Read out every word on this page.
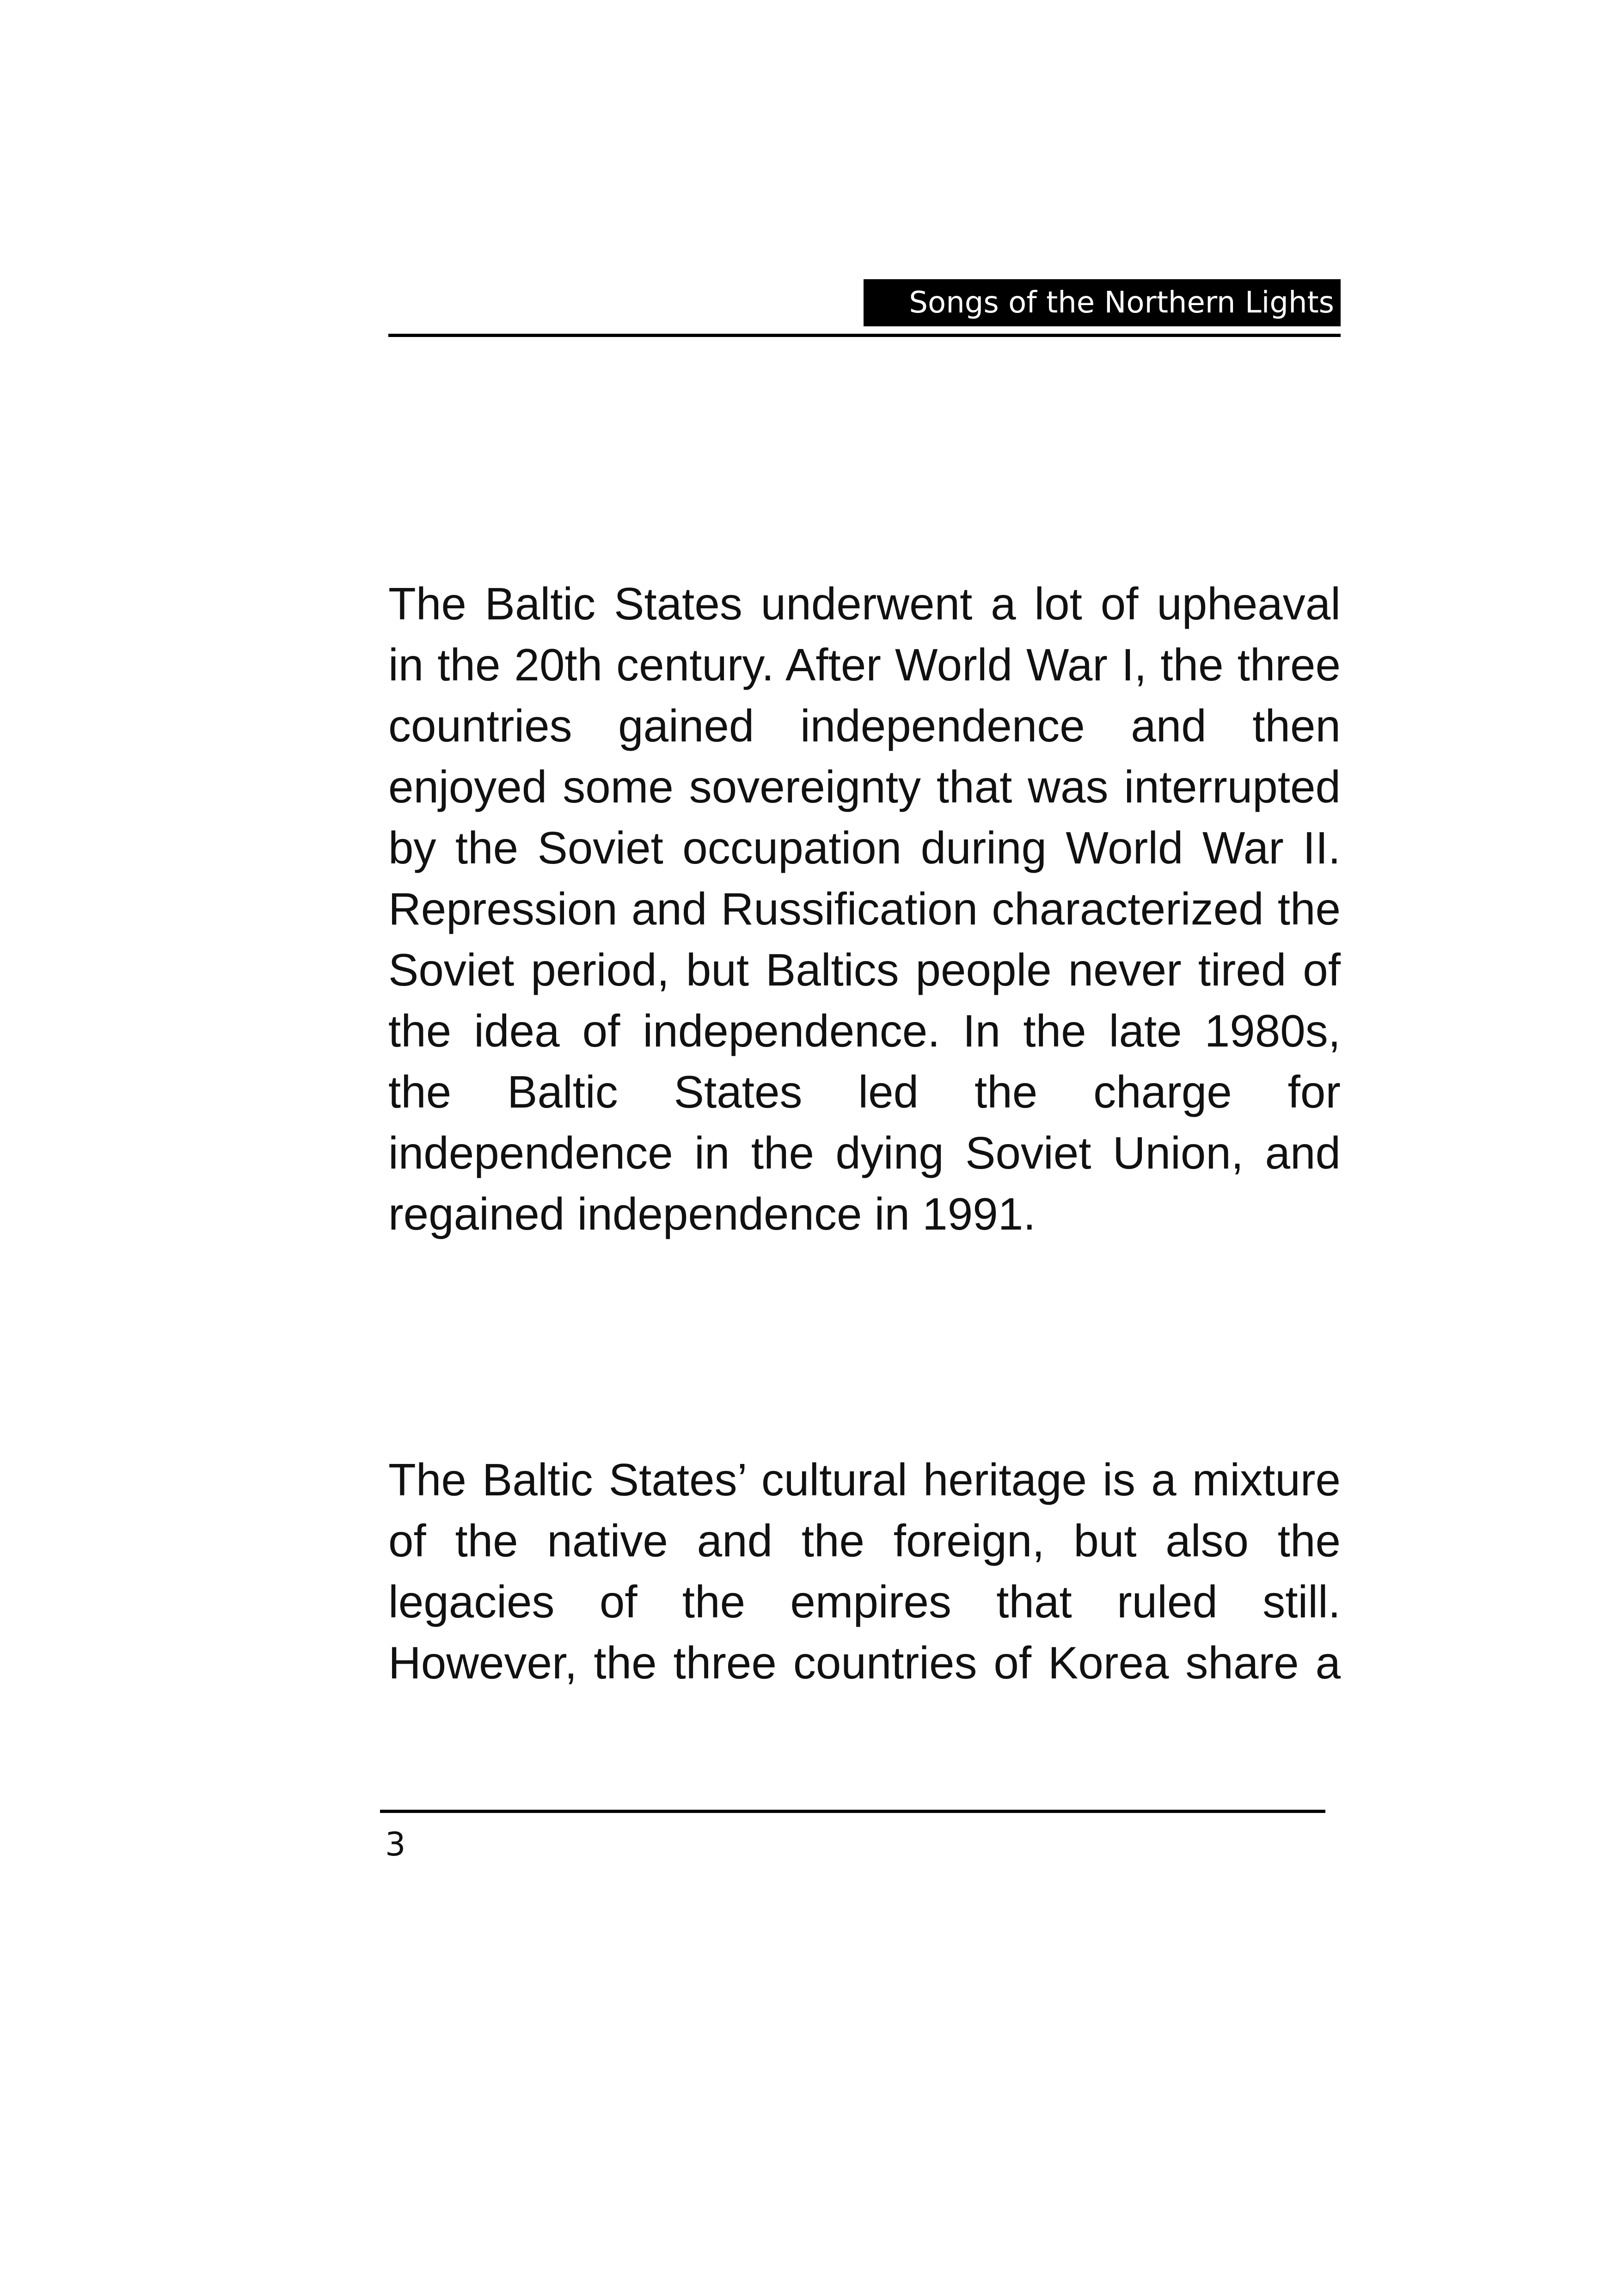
Songs of the Northern Lights

The Baltic States underwent a lot of upheaval in the 20th century. After World War I, the three countries gained independence and then enjoyed some sovereignty that was interrupted by the Soviet occupation during World War II. Repression and Russification characterized the Soviet period, but Baltics people never tired of the idea of independence. In the late 1980s, the Baltic States led the charge for independence in the dying Soviet Union, and regained independence in 1991.

The Baltic States’ cultural heritage is a mixture of the native and the foreign, but also the legacies of the empires that ruled still. However, the three countries of Korea share a

3
